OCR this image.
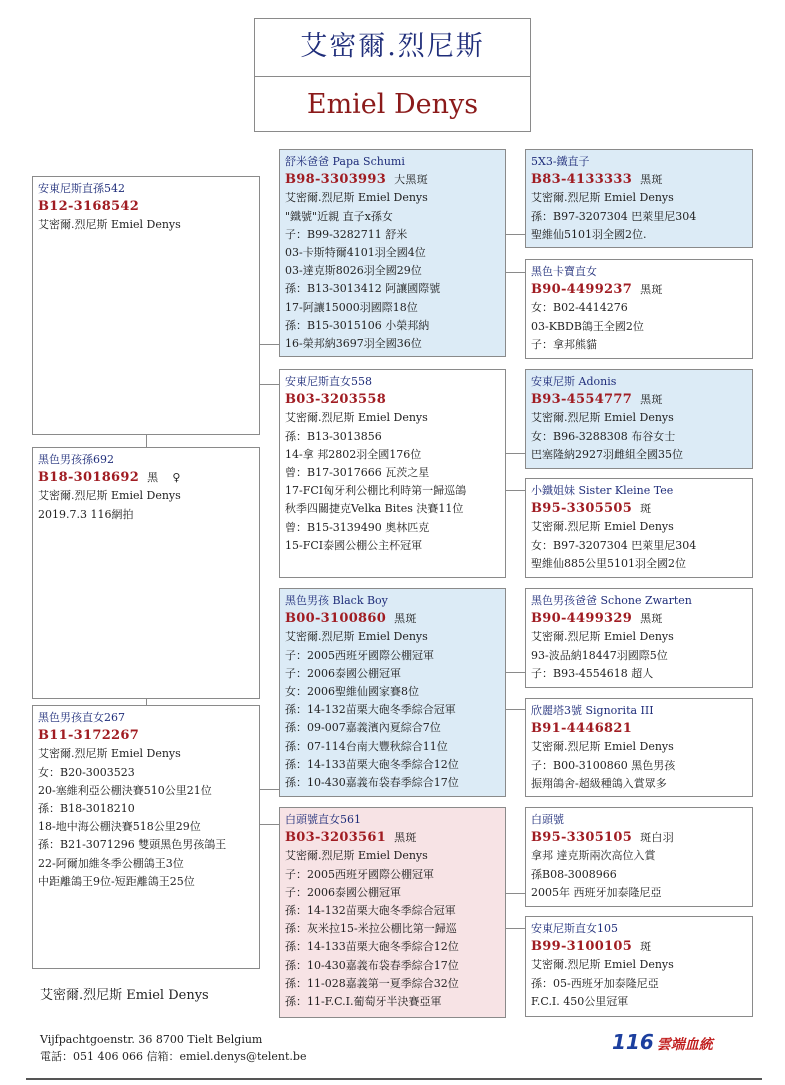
艾密爾.烈尼斯
Emiel Denys
安東尼斯直孫542
B12-3168542
艾密爾.烈尼斯 Emiel Denys
黑色男孩孫692
B18-3018692 黑 ♀
艾密爾.烈尼斯 Emiel Denys
2019.7.3 116網拍
黑色男孩直女267
B11-3172267
艾密爾.烈尼斯 Emiel Denys
女：B20-3003523
20-塞維利亞公棚決賽510公里21位
孫：B18-3018210
18-地中海公棚決賽518公里29位
孫：B21-3071296 雙頭黑色男孩鴿王
22-阿爾加維冬季公棚鴿王3位
中距離鴿王9位-短距離鴿王25位
舒米爸爸 Papa Schumi
B98-3303993 大黑斑
艾密爾.烈尼斯 Emiel Denys
"鐵號"近親 直子x孫女
子：B99-3282711 舒米
03-卡斯特爾4101羽全國4位
03-達克斯8026羽全國29位
孫：B13-3013412 阿讓國際號
17-阿讓15000羽國際18位
孫：B15-3015106 小榮邦納
16-榮邦納3697羽全國36位
安東尼斯直女558
B03-3203558
艾密爾.烈尼斯 Emiel Denys
孫：B13-3013856
14-拿 邦2802羽全國176位
曾：B17-3017666 瓦茨之星
17-FCI匈牙利公棚比利時第一歸巡鴿
秋季四關捷克Velka Bites 決賽11位
曾：B15-3139490 奧林匹克
15-FCI泰國公棚公主杯冠軍
黑色男孩 Black Boy
B00-3100860 黑斑
艾密爾.烈尼斯 Emiel Denys
子：2005西班牙國際公棚冠軍
子：2006泰國公棚冠軍
女：2006聖維仙國家賽8位
孫：14-132苗栗大砲冬季綜合冠軍
孫：09-007嘉義濱內夏綜合7位
孫：07-114台南大豐秋綜合11位
孫：14-133苗栗大砲冬季綜合12位
孫：10-430嘉義布袋春季綜合17位
白頭號直女561
B03-3203561 黑斑
艾密爾.烈尼斯 Emiel Denys
子：2005西班牙國際公棚冠軍
子：2006泰國公棚冠軍
孫：14-132苗栗大砲冬季綜合冠軍
孫：灰米拉15-米拉公棚比第一歸巡
孫：14-133苗栗大砲冬季綜合12位
孫：10-430嘉義布袋春季綜合17位
孫：11-028嘉義第一夏季綜合32位
孫：11-F.C.I.葡萄牙半決賽亞軍
5X3-鐵直子
B83-4133333 黑斑
艾密爾.烈尼斯 Emiel Denys
孫：B97-3207304 巴萊里尼304
聖維仙5101羽全國2位.
黑色卡寶直女
B90-4499237 黑斑
女：B02-4414276
03-KBDB鴿王全國2位
子：拿邦熊貓
安東尼斯 Adonis
B93-4554777 黑斑
艾密爾.烈尼斯 Emiel Denys
女：B96-3288308 布谷女士
巴塞隆納2927羽雌組全國35位
小鐵姐妹 Sister Kleine Tee
B95-3305505 斑
艾密爾.烈尼斯 Emiel Denys
女：B97-3207304 巴萊里尼304
聖維仙885公里5101羽全國2位
黑色男孩爸爸 Schone Zwarten
B90-4499329 黑斑
艾密爾.烈尼斯 Emiel Denys
93-波品納18447羽國際5位
子：B93-4554618 超人
欣麗塔3號 Signorita III
B91-4446821
艾密爾.烈尼斯 Emiel Denys
子：B00-3100860 黑色男孩
振翔鴿舍-超級種鴿入賞眾多
白頭號
B95-3305105 斑白羽
拿邦 達克斯兩次高位入賞
孫B08-3008966
2005年 西班牙加泰隆尼亞
安東尼斯直女105
B99-3100105 斑
艾密爾.烈尼斯 Emiel Denys
孫：05-西班牙加泰隆尼亞
F.C.I. 450公里冠軍
艾密爾.烈尼斯 Emiel Denys
Vijfpachtgoenstr. 36 8700 Tielt Belgium
電話：051 406 066 信箱：emiel.denys@telent.be
116 雲端血統
